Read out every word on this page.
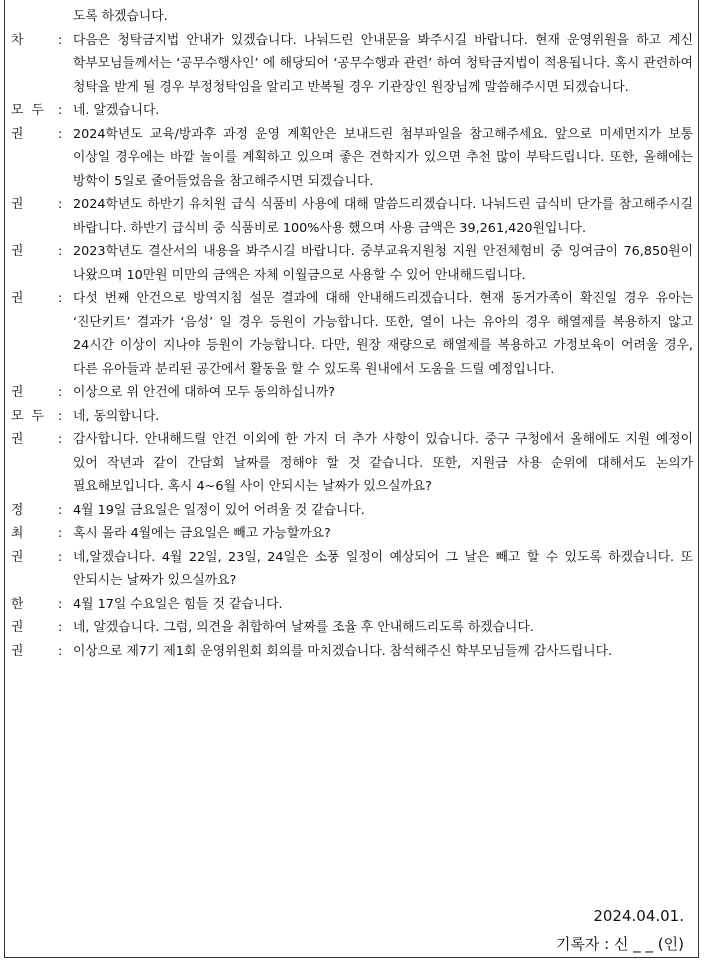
도록 하겠습니다.
차	: 다음은 청탁금지법 안내가 있겠습니다. 나눠드린 안내문을 봐주시길 바랍니다. 현재 운영위원을 하고 계신 학부모님들께서는 ‘공무수행사인’ 에 해당되어 ‘공무수행과 관련’ 하여 청탁금지법이 적용됩니다. 혹시 관련하여 청탁을 받게 될 경우 부정청탁임을 알리고 반복될 경우 기관장인 원장님께 말씀해주시면 되겠습니다.
모  두	: 네. 알겠습니다.
권	: 2024학년도 교육/방과후 과정 운영 계획안은 보내드린 첨부파일을 참고해주세요. 앞으로 미세먼지가 보통 이상일 경우에는 바깥 놀이를 계획하고 있으며 좋은 견학지가 있으면 추천 많이 부탁드립니다. 또한, 올해에는 방학이 5일로 줄어들었음을 참고해주시면 되겠습니다.
권	: 2024학년도 하반기 유치원 급식 식품비 사용에 대해 말씀드리겠습니다. 나눠드린 급식비 단가를 참고해주시길 바랍니다. 하반기 급식비 중 식품비로 100%사용 했으며 사용 금액은 39,261,420원입니다.
권	: 2023학년도 결산서의 내용을 봐주시길 바랍니다. 중부교육지원청 지원 안전체험비 중 잉여금이 76,850원이 나왔으며 10만원 미만의 금액은 자체 이월금으로 사용할 수 있어 안내해드립니다.
권	: 다섯 번째 안건으로 방역지침 설문 결과에 대해 안내해드리겠습니다. 현재 동거가족이 확진일 경우 유아는 ‘진단키트’ 결과가 ‘음성’ 일 경우 등원이 가능합니다. 또한, 열이 나는 유아의 경우 해열제를 복용하지 않고 24시간 이상이 지나야 등원이 가능합니다. 다만, 원장 재량으로 해열제를 복용하고 가정보육이 어려울 경우, 다른 유아들과 분리된 공간에서 활동을 할 수 있도록 원내에서 도움을 드릴 예정입니다.
권	: 이상으로 위 안건에 대하여 모두 동의하십니까?
모  두	: 네, 동의합니다.
권	: 감사합니다. 안내해드릴 안건 이외에 한 가지 더 추가 사항이 있습니다. 중구 구청에서 올해에도 지원 예정이 있어 작년과 같이 간담회 날짜를 정해야 할 것 같습니다. 또한, 지원금 사용 순위에 대해서도 논의가 필요해보입니다. 혹시 4~6월 사이 안되시는 날짜가 있으실까요?
정	: 4월 19일 금요일은 일정이 있어 어려울 것 같습니다.
최	: 혹시 몰라 4월에는 금요일은 빼고 가능할까요?
권	: 네,알겠습니다. 4월 22일, 23일, 24일은 소풍 일정이 예상되어 그 날은 빼고 할 수 있도록 하겠습니다. 또 안되시는 날짜가 있으실까요?
한	: 4월 17일 수요일은 힘들 것 같습니다.
권	: 네, 알겠습니다. 그럼, 의견을 취합하여 날짜를 조율 후 안내해드리도록 하겠습니다.
권	: 이상으로 제7기 제1회 운영위원회 회의를 마치겠습니다. 참석해주신 학부모님들께 감사드립니다.
2024.04.01.
기록자 : 신 _ _ (인)
